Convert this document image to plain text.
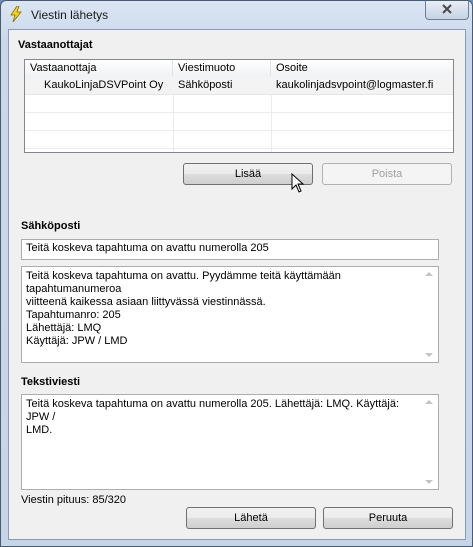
Viestin lähetys
Vastaanottajat
Vastaanottaja	Viestimuoto	Osoite
KaukoLinjaDSVPoint Oy	Sähköposti	kaukolinjadsvpoint@logmaster.fi
Lisää	Poista
Sähköposti
Teitä koskeva tapahtuma on avattu numerolla 205
Teitä koskeva tapahtuma on avattu. Pyydämme teitä käyttämään tapahtumanumeroa
viitteenä kaikessa asiaan liittyvässä viestinnässä.
Tapahtumanro: 205
Lähettäjä: LMQ
Käyttäjä: JPW / LMD
Tekstiviesti
Teitä koskeva tapahtuma on avattu numerolla 205. Lähettäjä: LMQ. Käyttäjä: JPW /
LMD.
Viestin pituus: 85/320
Lähetä	Peruuta
